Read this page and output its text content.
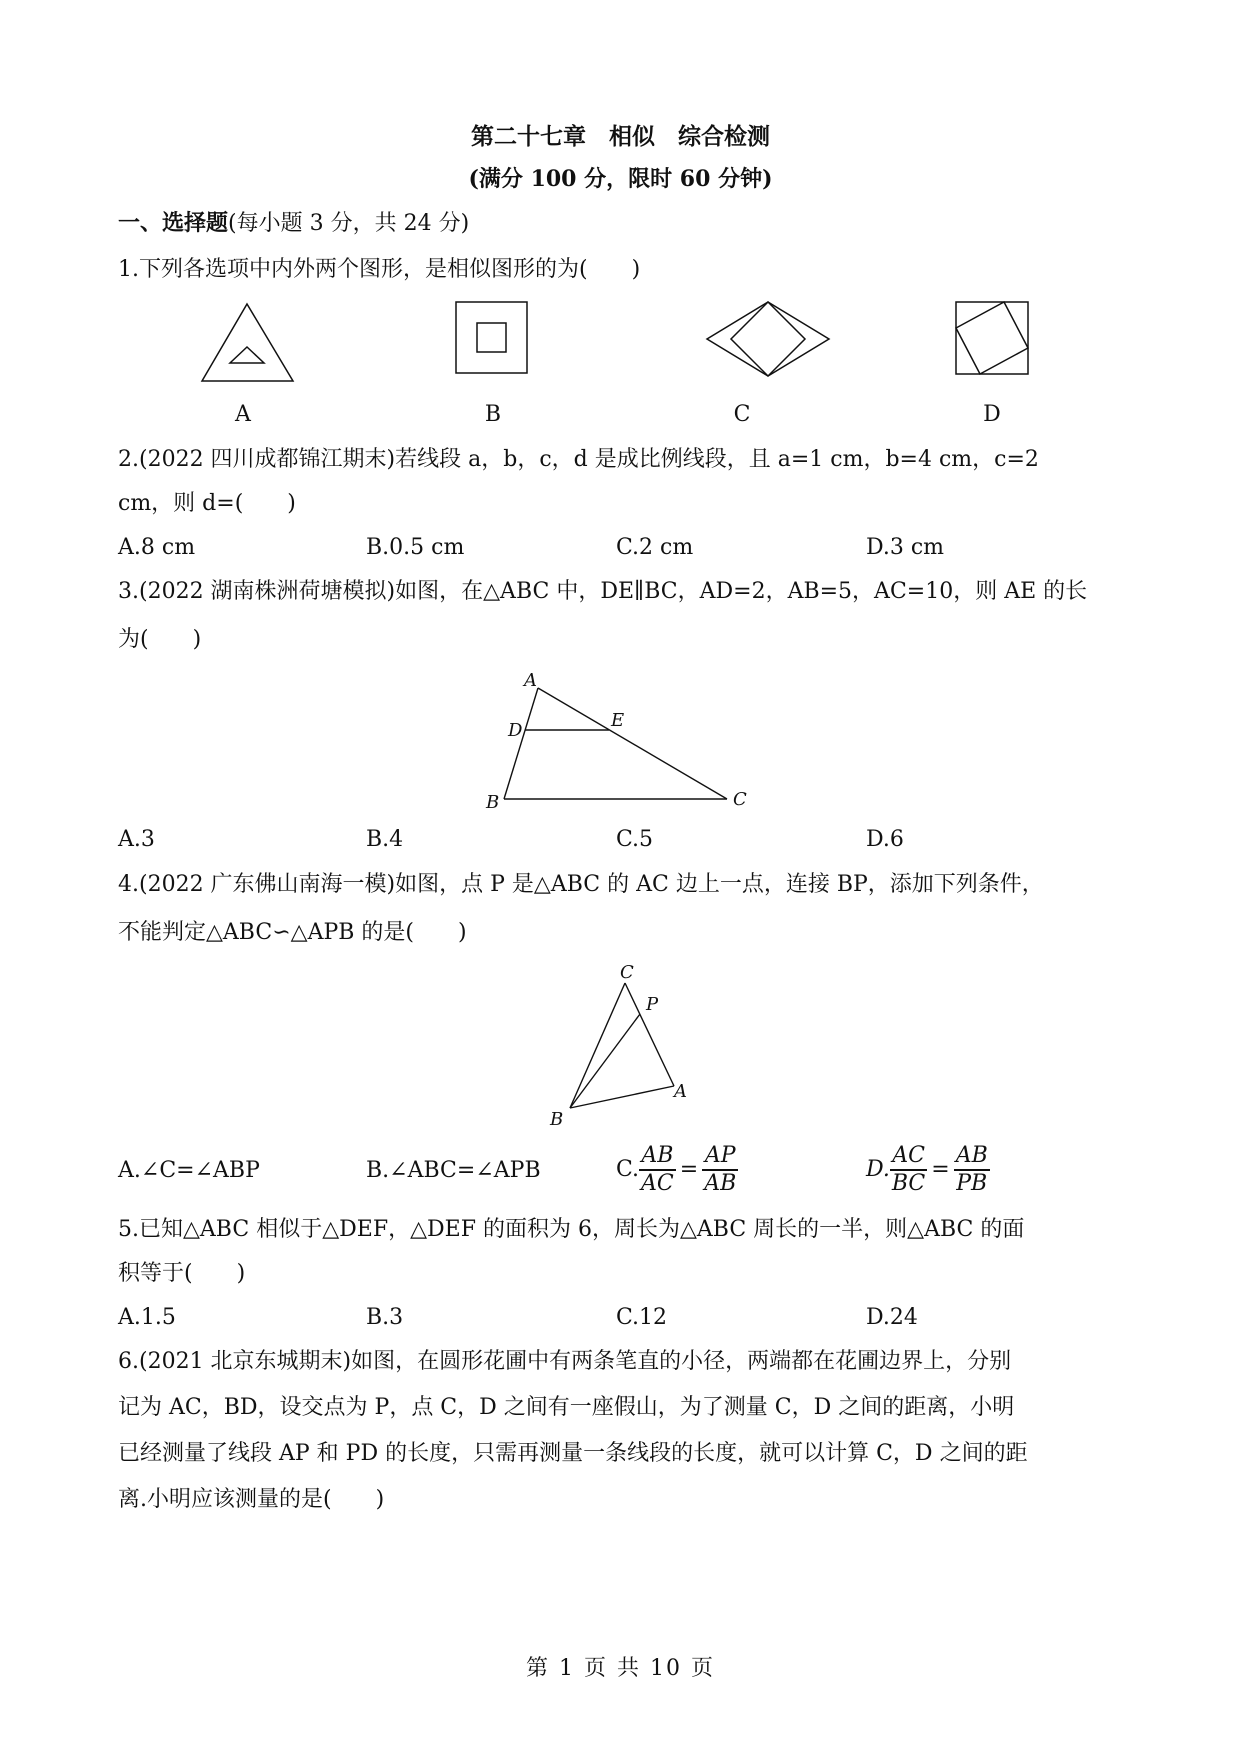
第二十七章　相似　综合检测
(满分 100 分，限时 60 分钟)
一、选择题(每小题 3 分，共 24 分)
1.下列各选项中内外两个图形，是相似图形的为(　　)
A	B	C	D
2.(2022 四川成都锦江期末)若线段 a，b，c，d 是成比例线段，且 a=1 cm，b=4 cm，c=2
cm，则 d=(　　)
A.8 cm	B.0.5 cm	C.2 cm	D.3 cm
3.(2022 湖南株洲荷塘模拟)如图，在△ABC 中，DE∥BC，AD=2，AB=5，AC=10，则 AE 的长
为(　　)
A
D	E
B	C
A.3	B.4	C.5	D.6
4.(2022 广东佛山南海一模)如图，点 P 是△ABC 的 AC 边上一点，连接 BP，添加下列条件，
不能判定△ABC∽△APB 的是(　　)
C
P
A
B
A.∠C=∠ABP	B.∠ABC=∠APB	C. $\frac{AB}{AC} = \frac{AP}{AB}$	D. $\frac{AC}{BC} = \frac{AB}{PB}$
5.已知△ABC 相似于△DEF，△DEF 的面积为 6，周长为△ABC 周长的一半，则△ABC 的面
积等于(　　)
A.1.5	B.3	C.12	D.24
6.(2021 北京东城期末)如图，在圆形花圃中有两条笔直的小径，两端都在花圃边界上，分别
记为 AC，BD，设交点为 P，点 C，D 之间有一座假山，为了测量 C，D 之间的距离，小明
已经测量了线段 AP 和 PD 的长度，只需再测量一条线段的长度，就可以计算 C，D 之间的距
离.小明应该测量的是(　　)
第 1 页 共 10 页
